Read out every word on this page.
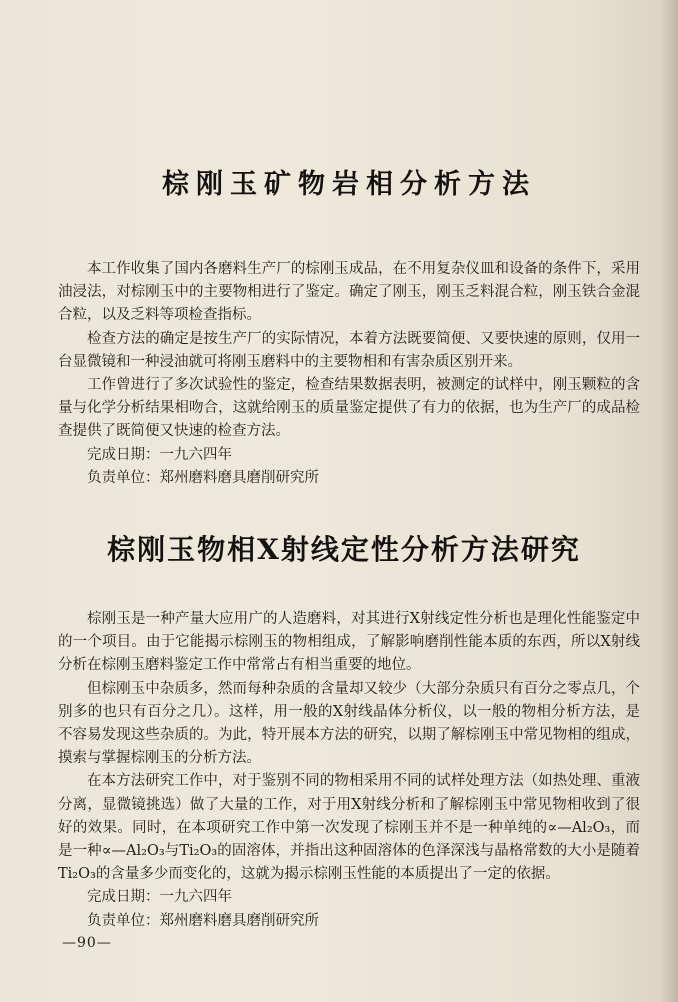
棕刚玉矿物岩相分析方法

本工作收集了国内各磨料生产厂的棕刚玉成品，在不用复杂仪皿和设备的条件下，采用油浸法，对棕刚玉中的主要物相进行了鉴定。确定了刚玉，刚玉乏料混合粒，刚玉铁合金混合粒，以及乏料等项检查指标。

检查方法的确定是按生产厂的实际情况，本着方法既要简便、又要快速的原则，仅用一台显微镜和一种浸油就可将刚玉磨料中的主要物相和有害杂质区别开来。

工作曾进行了多次试验性的鉴定，检查结果数据表明，被测定的试样中，刚玉颗粒的含量与化学分析结果相吻合，这就给刚玉的质量鉴定提供了有力的依据，也为生产厂的成品检查提供了既简便又快速的检查方法。

完成日期：一九六四年

负责单位：郑州磨料磨具磨削研究所

棕刚玉物相X射线定性分析方法研究

棕刚玉是一种产量大应用广的人造磨料，对其进行X射线定性分析也是理化性能鉴定中的一个项目。由于它能揭示棕刚玉的物相组成，了解影响磨削性能本质的东西，所以X射线分析在棕刚玉磨料鉴定工作中常常占有相当重要的地位。

但棕刚玉中杂质多，然而每种杂质的含量却又较少（大部分杂质只有百分之零点几，个别多的也只有百分之几）。这样，用一般的X射线晶体分析仪，以一般的物相分析方法，是不容易发现这些杂质的。为此，特开展本方法的研究，以期了解棕刚玉中常见物相的组成，摸索与掌握棕刚玉的分析方法。

在本方法研究工作中，对于鉴别不同的物相采用不同的试样处理方法（如热处理、重液分离，显微镜挑选）做了大量的工作，对于用X射线分析和了解棕刚玉中常见物相收到了很好的效果。同时，在本项研究工作中第一次发现了棕刚玉并不是一种单纯的∝—Al₂O₃，而是一种∝—Al₂O₃与Ti₂O₃的固溶体，并指出这种固溶体的色泽深浅与晶格常数的大小是随着Ti₂O₃的含量多少而变化的，这就为揭示棕刚玉性能的本质提出了一定的依据。

完成日期：一九六四年

负责单位：郑州磨料磨具磨削研究所

—90—
